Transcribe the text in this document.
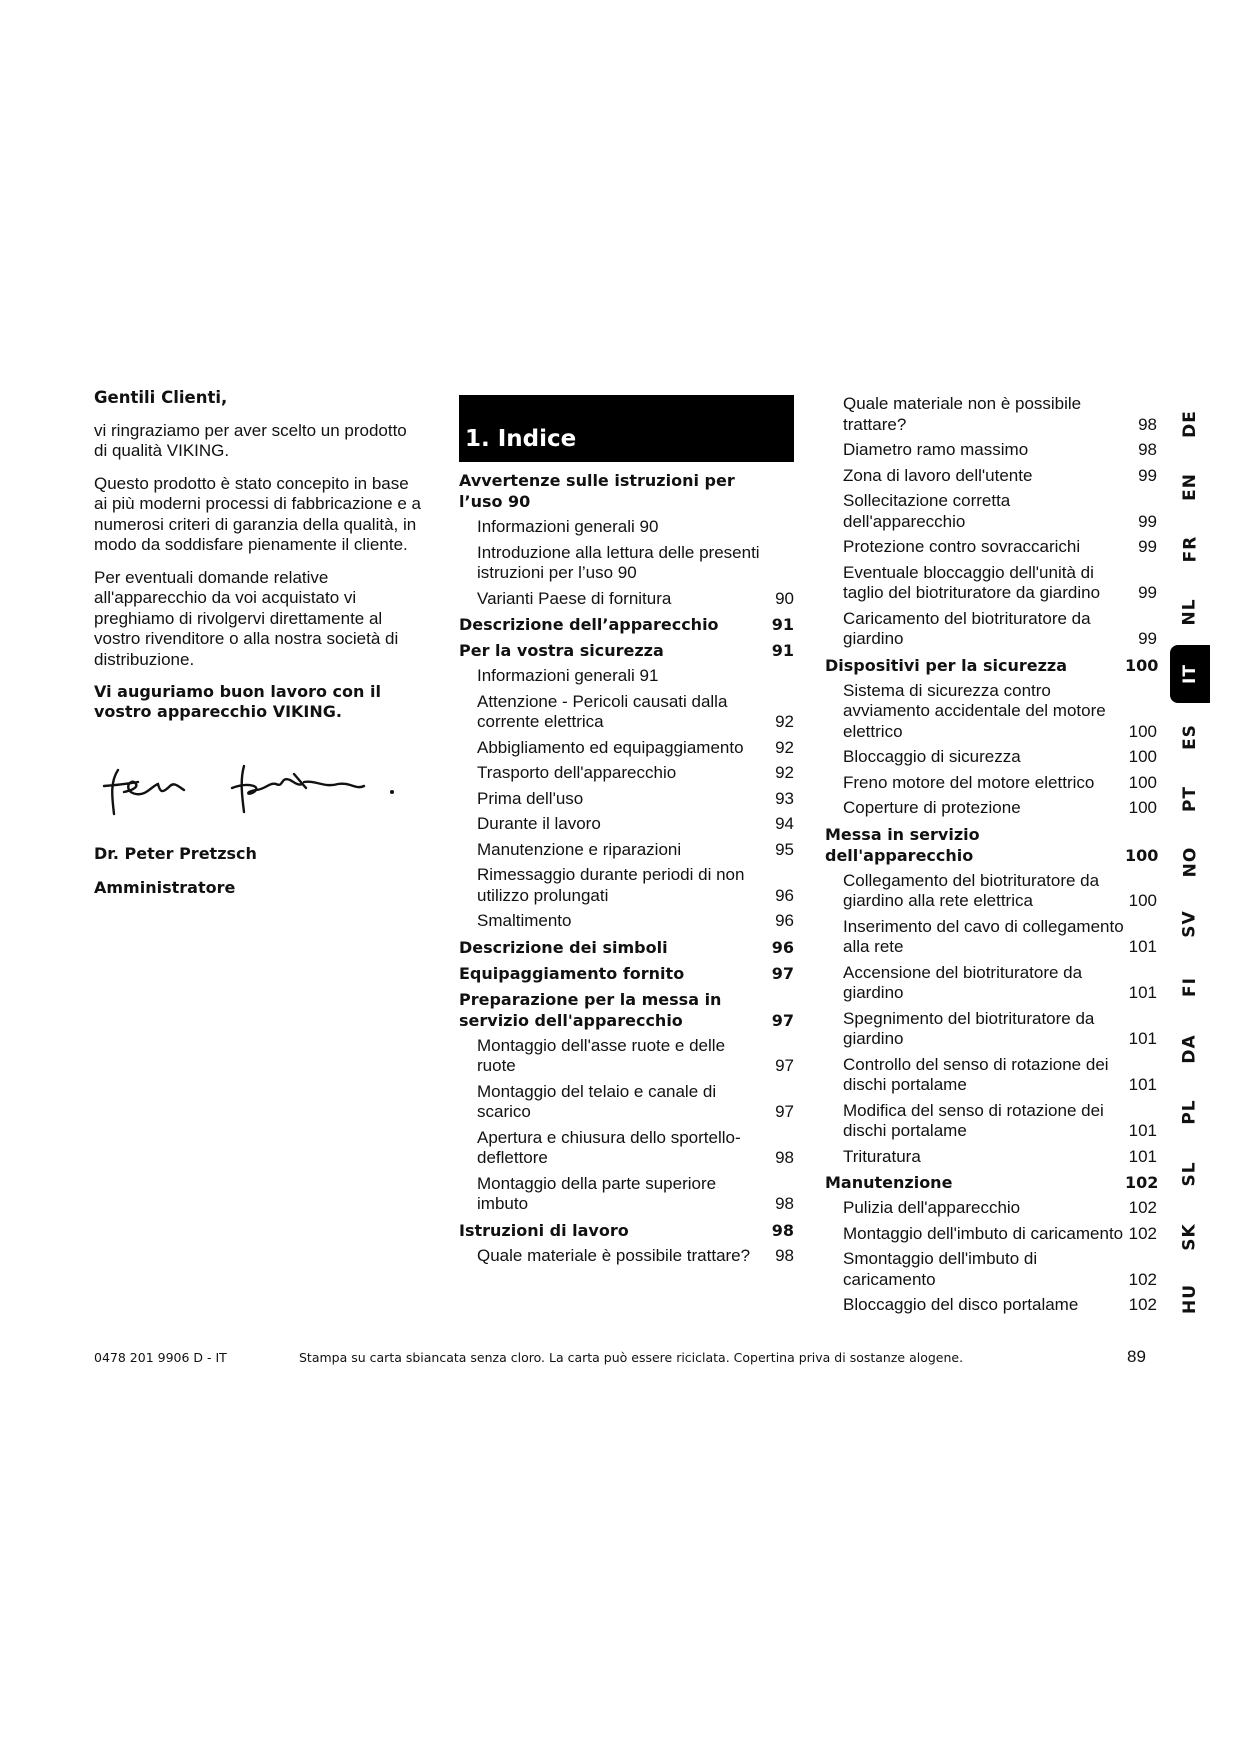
Gentili Clienti,

vi ringraziamo per aver scelto un prodotto di qualità VIKING.

Questo prodotto è stato concepito in base ai più moderni processi di fabbricazione e a numerosi criteri di garanzia della qualità, in modo da soddisfare pienamente il cliente.

Per eventuali domande relative all'apparecchio da voi acquistato vi preghiamo di rivolgervi direttamente al vostro rivenditore o alla nostra società di distribuzione.

Vi auguriamo buon lavoro con il vostro apparecchio VIKING.

Dr. Peter Pretzsch

Amministratore

1. Indice
Avvertenze sulle istruzioni per l’uso 90
Informazioni generali 90
Introduzione alla lettura delle presenti istruzioni per l’uso 90
Varianti Paese di fornitura	90
Descrizione dell’apparecchio	91
Per la vostra sicurezza	91
Informazioni generali 91
Attenzione - Pericoli causati dalla corrente elettrica	92
Abbigliamento ed equipaggiamento	92
Trasporto dell'apparecchio	92
Prima dell'uso	93
Durante il lavoro	94
Manutenzione e riparazioni	95
Rimessaggio durante periodi di non utilizzo prolungati	96
Smaltimento	96
Descrizione dei simboli	96
Equipaggiamento fornito	97
Preparazione per la messa in servizio dell'apparecchio	97
Montaggio dell'asse ruote e delle ruote	97
Montaggio del telaio e canale di scarico	97
Apertura e chiusura dello sportello-deflettore	98
Montaggio della parte superiore imbuto	98
Istruzioni di lavoro	98
Quale materiale è possibile trattare?	98
Quale materiale non è possibile trattare?	98
Diametro ramo massimo	98
Zona di lavoro dell'utente	99
Sollecitazione corretta dell'apparecchio	99
Protezione contro sovraccarichi	99
Eventuale bloccaggio dell'unità di taglio del biotrituratore da giardino	99
Caricamento del biotrituratore da giardino	99
Dispositivi per la sicurezza	100
Sistema di sicurezza contro avviamento accidentale del motore elettrico	100
Bloccaggio di sicurezza	100
Freno motore del motore elettrico	100
Coperture di protezione	100
Messa in servizio dell'apparecchio	100
Collegamento del biotrituratore da giardino alla rete elettrica	100
Inserimento del cavo di collegamento alla rete	101
Accensione del biotrituratore da giardino	101
Spegnimento del biotrituratore da giardino	101
Controllo del senso di rotazione dei dischi portalame	101
Modifica del senso di rotazione dei dischi portalame	101
Trituratura	101
Manutenzione	102
Pulizia dell'apparecchio	102
Montaggio dell'imbuto di caricamento 102
Smontaggio dell'imbuto di caricamento	102
Bloccaggio del disco portalame	102
DE
EN
FR
NL
IT
ES
PT
NO
SV
FI
DA
PL
SL
SK
HU
0478 201 9906 D - IT	Stampa su carta sbiancata senza cloro. La carta può essere riciclata. Copertina priva di sostanze alogene.	89
